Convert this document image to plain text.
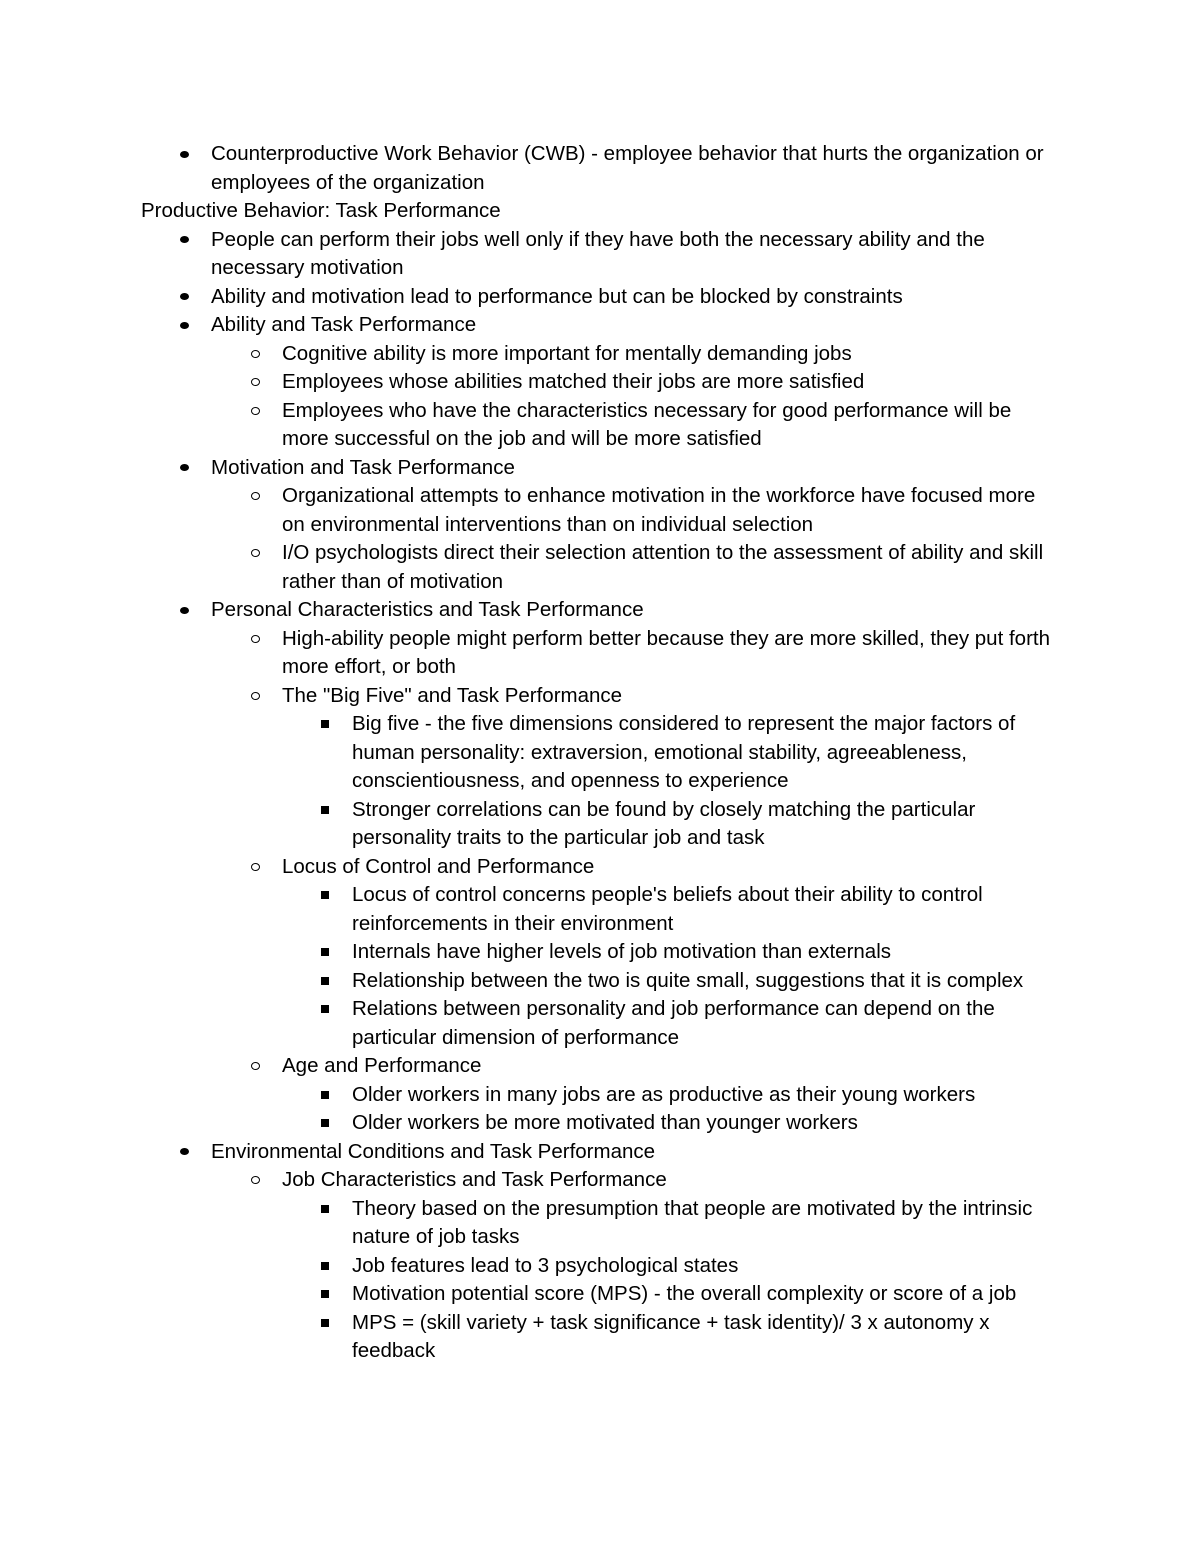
Counterproductive Work Behavior (CWB) - employee behavior that hurts the organization or employees of the organization
Productive Behavior: Task Performance
People can perform their jobs well only if they have both the necessary ability and the necessary motivation
Ability and motivation lead to performance but can be blocked by constraints
Ability and Task Performance
Cognitive ability is more important for mentally demanding jobs
Employees whose abilities matched their jobs are more satisfied
Employees who have the characteristics necessary for good performance will be more successful on the job and will be more satisfied
Motivation and Task Performance
Organizational attempts to enhance motivation in the workforce have focused more on environmental interventions than on individual selection
I/O psychologists direct their selection attention to the assessment of ability and skill rather than of motivation
Personal Characteristics and Task Performance
High-ability people might perform better because they are more skilled, they put forth more effort, or both
The "Big Five" and Task Performance
Big five - the five dimensions considered to represent the major factors of human personality: extraversion, emotional stability, agreeableness, conscientiousness, and openness to experience
Stronger correlations can be found by closely matching the particular personality traits to the particular job and task
Locus of Control and Performance
Locus of control concerns people's beliefs about their ability to control reinforcements in their environment
Internals have higher levels of job motivation than externals
Relationship between the two is quite small, suggestions that it is complex
Relations between personality and job performance can depend on the particular dimension of performance
Age and Performance
Older workers in many jobs are as productive as their young workers
Older workers be more motivated than younger workers
Environmental Conditions and Task Performance
Job Characteristics and Task Performance
Theory based on the presumption that people are motivated by the intrinsic nature of job tasks
Job features lead to 3 psychological states
Motivation potential score (MPS) - the overall complexity or score of a job
MPS = (skill variety + task significance + task identity)/ 3 x autonomy x feedback
